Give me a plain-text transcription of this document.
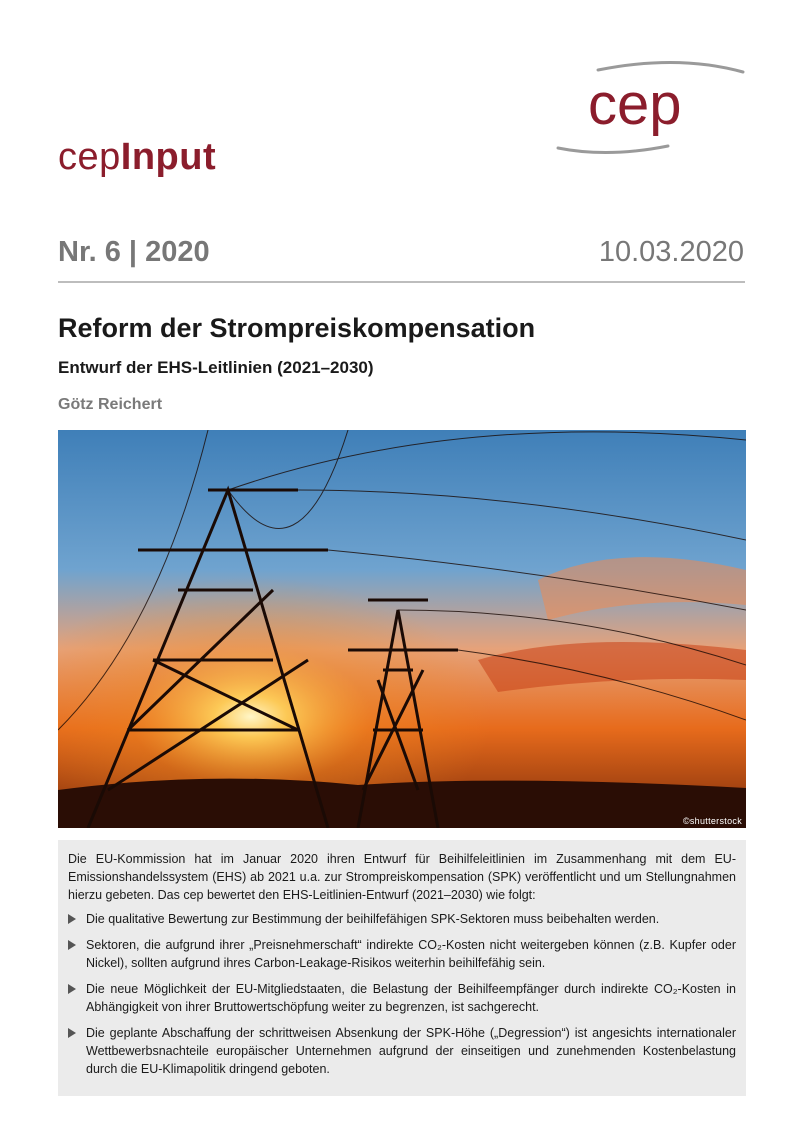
cep
cepInput
Nr. 6 | 2020	10.03.2020
Reform der Strompreiskompensation
Entwurf der EHS-Leitlinien (2021–2030)
Götz Reichert
©shutterstock

Die EU-Kommission hat im Januar 2020 ihren Entwurf für Beihilfeleitlinien im Zusammenhang mit dem EU-Emissionshandelssystem (EHS) ab 2021 u.a. zur Strompreiskompensation (SPK) veröffentlicht und um Stellungnahmen hierzu gebeten. Das cep bewertet den EHS-Leitlinien-Entwurf (2021–2030) wie folgt:

Die qualitative Bewertung zur Bestimmung der beihilfefähigen SPK-Sektoren muss beibehalten werden.
Sektoren, die aufgrund ihrer „Preisnehmerschaft“ indirekte CO₂-Kosten nicht weitergeben können (z.B. Kupfer oder Nickel), sollten aufgrund ihres Carbon-Leakage-Risikos weiterhin beihilfefähig sein.
Die neue Möglichkeit der EU-Mitgliedstaaten, die Belastung der Beihilfeempfänger durch indirekte CO₂-Kosten in Abhängigkeit von ihrer Bruttowertschöpfung weiter zu begrenzen, ist sachgerecht.
Die geplante Abschaffung der schrittweisen Absenkung der SPK-Höhe („Degression“) ist angesichts internationaler Wettbewerbsnachteile europäischer Unternehmen aufgrund der einseitigen und zunehmenden Kostenbelastung durch die EU-Klimapolitik dringend geboten.
